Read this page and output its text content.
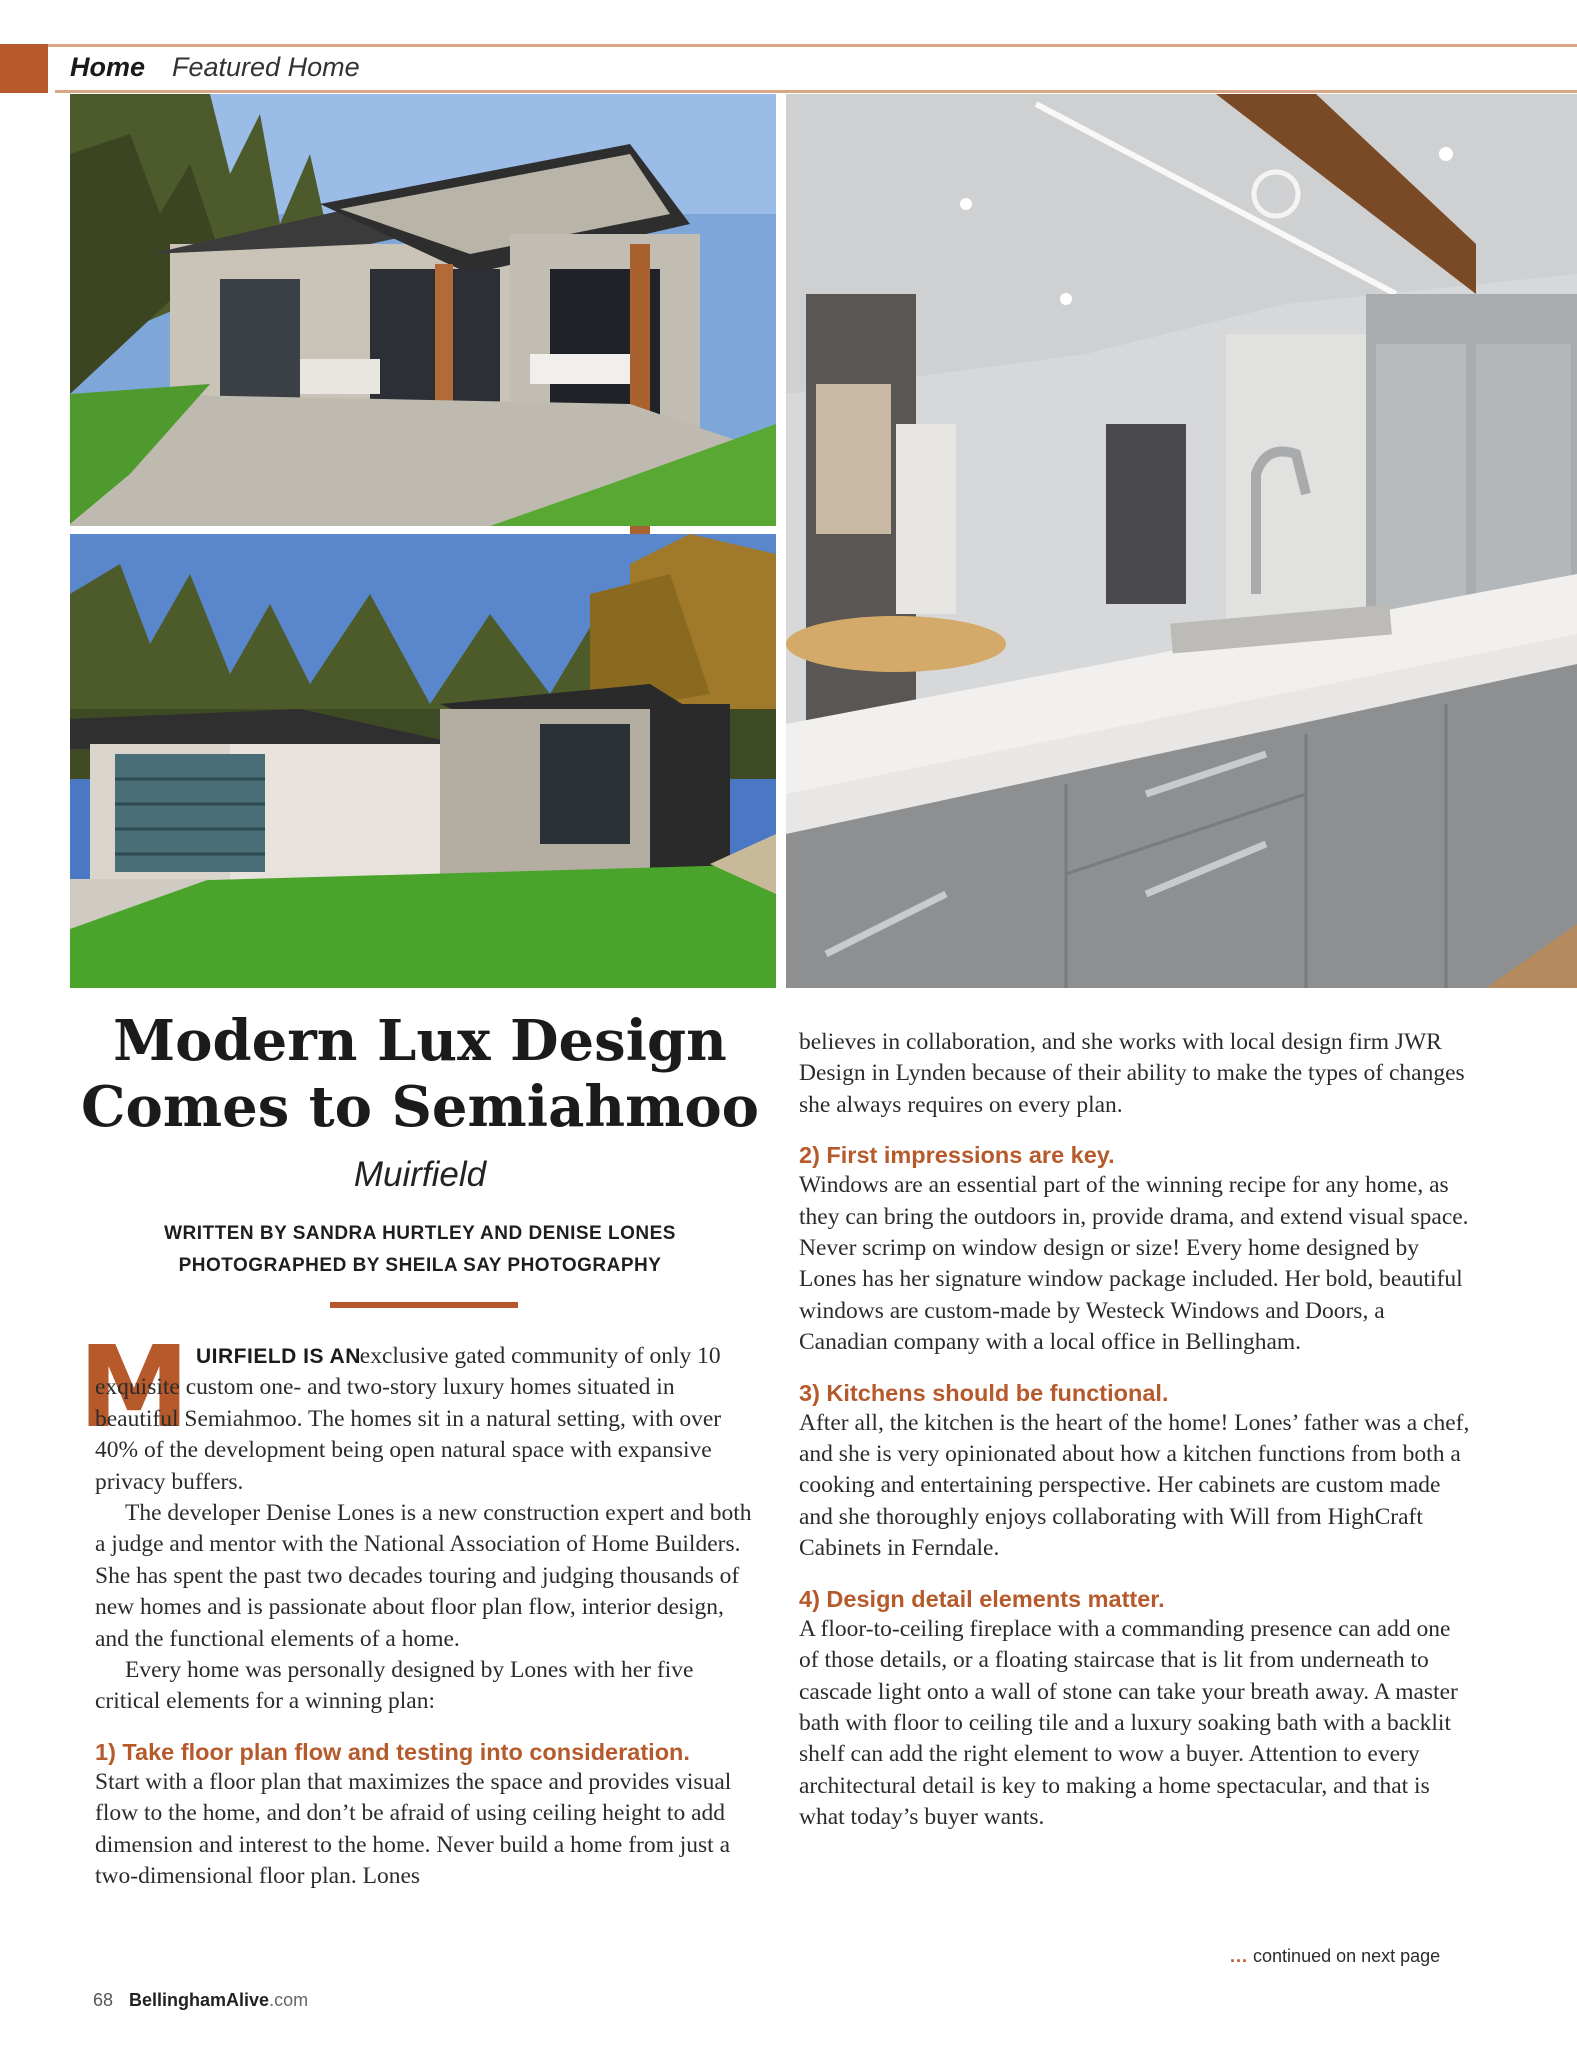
Home Featured Home
Modern Lux Design
Comes to Semiahmoo
Muirfield
WRITTEN BY SANDRA HURTLEY AND DENISE LONES
PHOTOGRAPHED BY SHEILA SAY PHOTOGRAPHY
M UIRFIELD IS AN

exclusive gated community of only 10 exquisite custom one- and two-story luxury homes situated in beautiful Semiahmoo. The homes sit in a natural setting, with over 40% of the development being open natural space with expansive privacy buffers.

The developer Denise Lones is a new construction expert and both a judge and mentor with the National Association of Home Builders. She has spent the past two decades touring and judging thousands of new homes and is passionate about floor plan flow, interior design, and the functional elements of a home.

Every home was personally designed by Lones with her five critical elements for a winning plan:

1) Take floor plan flow and testing into consideration.

Start with a floor plan that maximizes the space and provides visual flow to the home, and don’t be afraid of using ceiling height to add dimension and interest to the home. Never build a home from just a two-dimensional floor plan. Lones

believes in collaboration, and she works with local design firm JWR Design in Lynden because of their ability to make the types of changes she always requires on every plan.

2) First impressions are key.

Windows are an essential part of the winning recipe for any home, as they can bring the outdoors in, provide drama, and extend visual space. Never scrimp on window design or size! Every home designed by Lones has her signature window package included. Her bold, beautiful windows are custom-made by Westeck Windows and Doors, a Canadian company with a local office in Bellingham.

3) Kitchens should be functional.

After all, the kitchen is the heart of the home! Lones’ father was a chef, and she is very opinionated about how a kitchen functions from both a cooking and entertaining perspective. Her cabinets are custom made and she thoroughly enjoys collaborating with Will from HighCraft Cabinets in Ferndale.

4) Design detail elements matter.

A floor-to-ceiling fireplace with a commanding presence can add one of those details, or a floating staircase that is lit from underneath to cascade light onto a wall of stone can take your breath away. A master bath with floor to ceiling tile and a luxury soaking bath with a backlit shelf can add the right element to wow a buyer. Attention to every architectural detail is key to making a home spectacular, and that is what today’s buyer wants.

... continued on next page
68 BellinghamAlive.com
